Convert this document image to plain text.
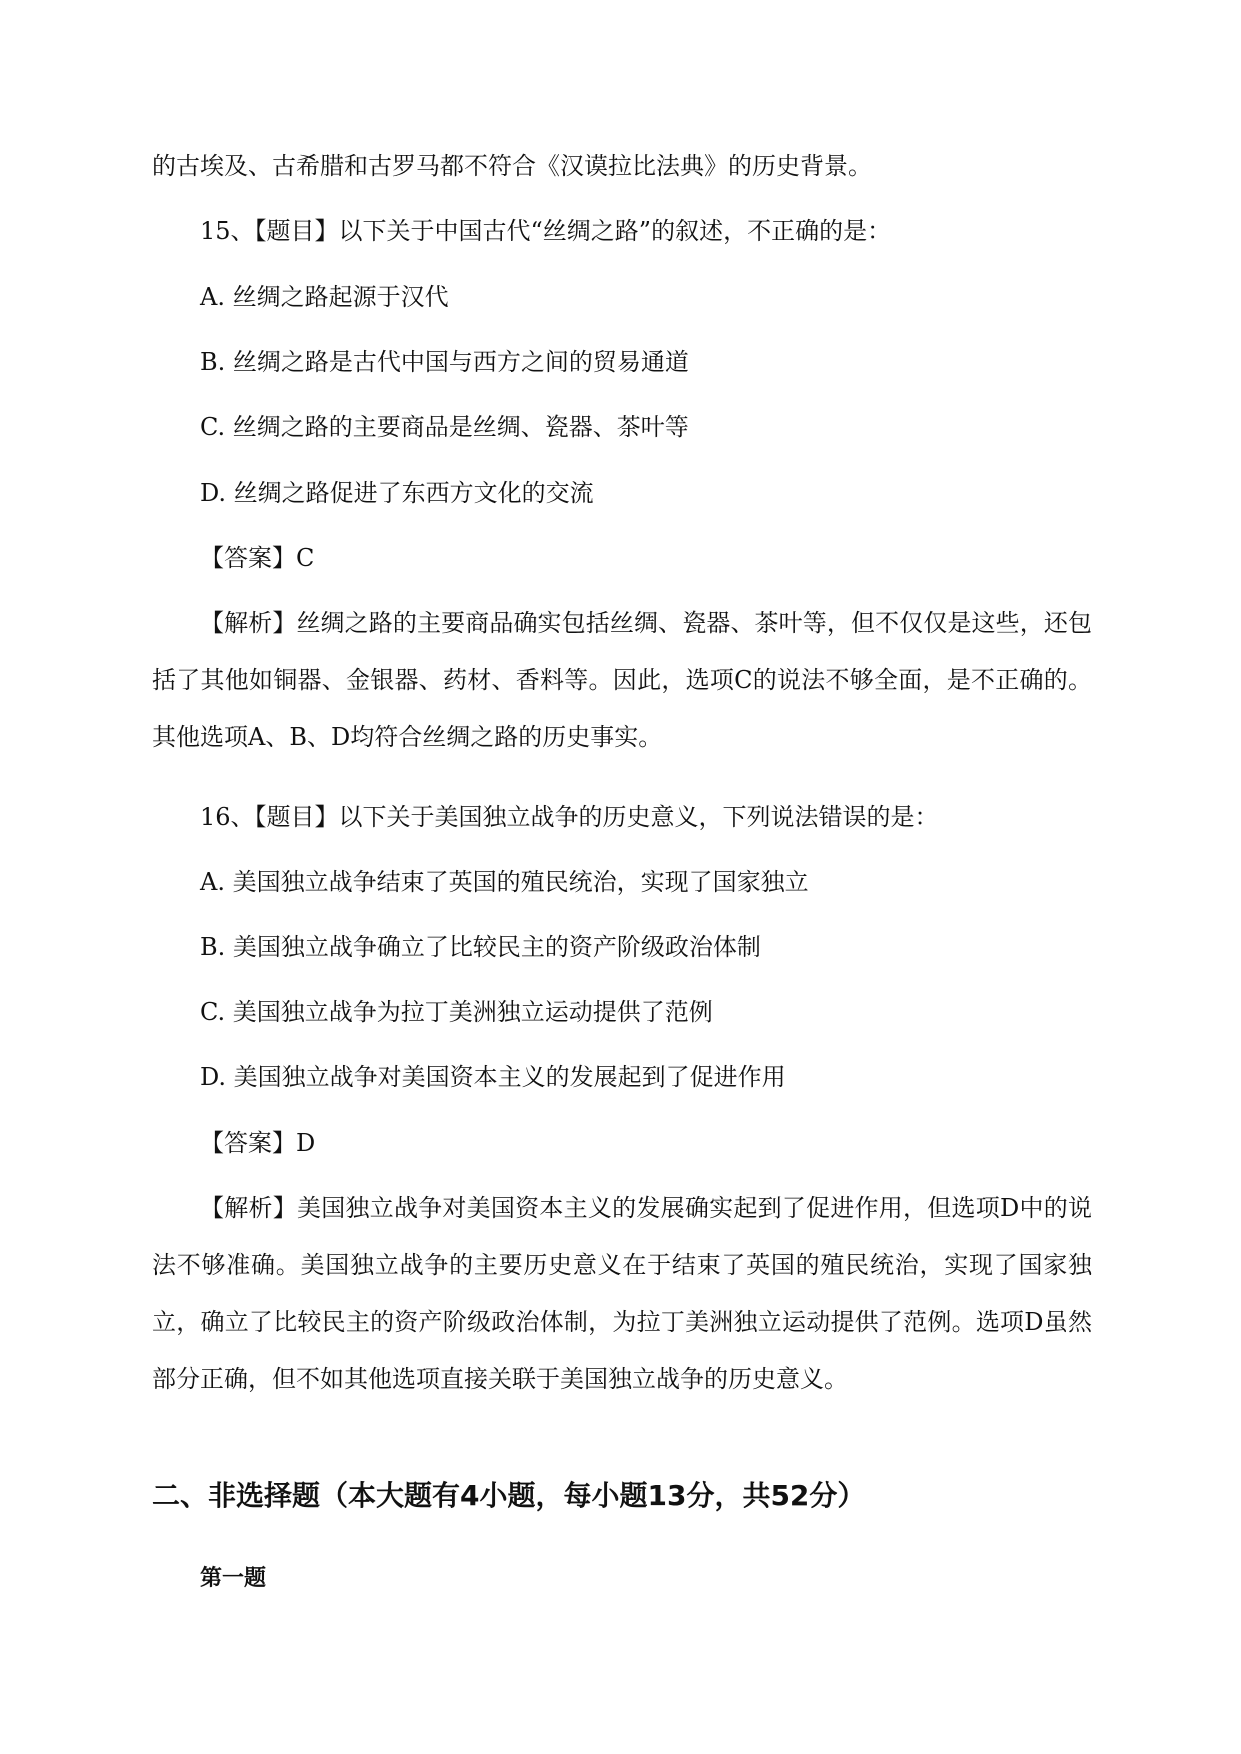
的古埃及、古希腊和古罗马都不符合《汉谟拉比法典》的历史背景。
15、【题目】以下关于中国古代“丝绸之路”的叙述，不正确的是：
A. 丝绸之路起源于汉代
B. 丝绸之路是古代中国与西方之间的贸易通道
C. 丝绸之路的主要商品是丝绸、瓷器、茶叶等
D. 丝绸之路促进了东西方文化的交流
【答案】C

【解析】丝绸之路的主要商品确实包括丝绸、瓷器、茶叶等，但不仅仅是这些，还包括了其他如铜器、金银器、药材、香料等。因此，选项C的说法不够全面，是不正确的。其他选项A、B、D均符合丝绸之路的历史事实。

16、【题目】以下关于美国独立战争的历史意义，下列说法错误的是：
A. 美国独立战争结束了英国的殖民统治，实现了国家独立
B. 美国独立战争确立了比较民主的资产阶级政治体制
C. 美国独立战争为拉丁美洲独立运动提供了范例
D. 美国独立战争对美国资本主义的发展起到了促进作用
【答案】D

【解析】美国独立战争对美国资本主义的发展确实起到了促进作用，但选项D中的说法不够准确。美国独立战争的主要历史意义在于结束了英国的殖民统治，实现了国家独立，确立了比较民主的资产阶级政治体制，为拉丁美洲独立运动提供了范例。选项D虽然部分正确，但不如其他选项直接关联于美国独立战争的历史意义。

二、非选择题（本大题有4小题，每小题13分，共52分）
第一题
